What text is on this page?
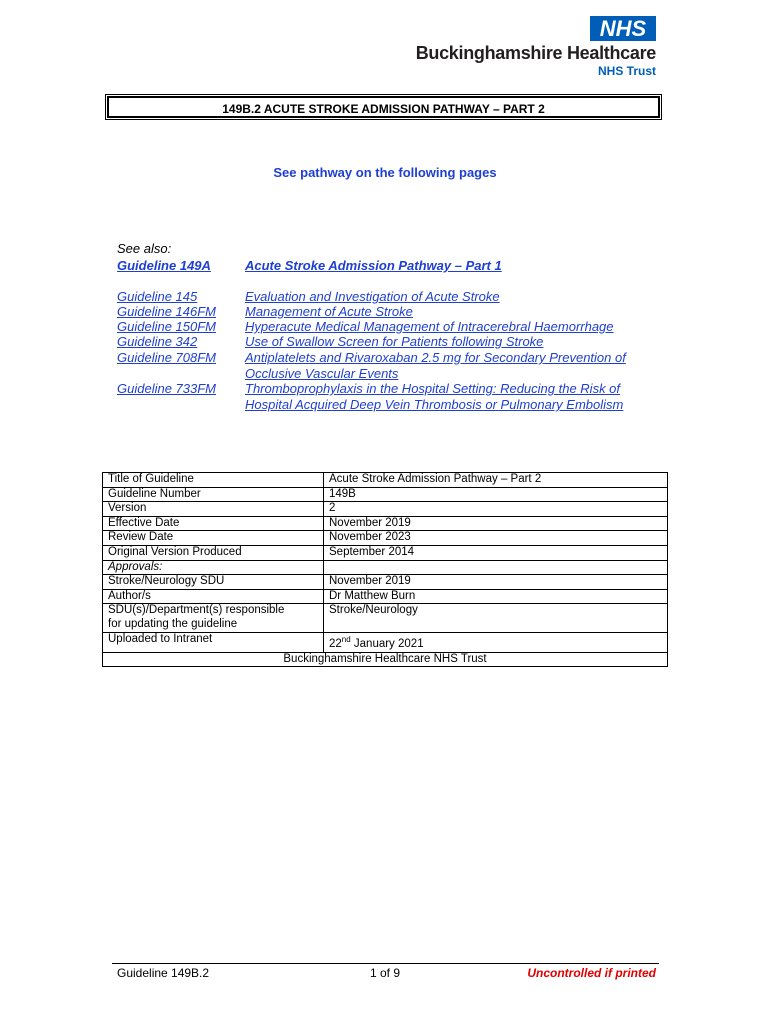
NHS
Buckinghamshire Healthcare
NHS Trust
149B.2 ACUTE STROKE ADMISSION PATHWAY – PART 2
See pathway on the following pages
See also:
Guideline 149A	Acute Stroke Admission Pathway – Part 1
Guideline 145	Evaluation and Investigation of Acute Stroke
Guideline 146FM Management of Acute Stroke
Guideline 150FM Hyperacute Medical Management of Intracerebral Haemorrhage
Guideline 342	Use of Swallow Screen for Patients following Stroke
Guideline 708FM Antiplatelets and Rivaroxaban 2.5 mg for Secondary Prevention of Occlusive Vascular Events
Guideline 733FM Thromboprophylaxis in the Hospital Setting: Reducing the Risk of Hospital Acquired Deep Vein Thrombosis or Pulmonary Embolism
Title of Guideline	Acute Stroke Admission Pathway – Part 2
Guideline Number	149B
Version	2
Effective Date	November 2019
Review Date	November 2023
Original Version Produced	September 2014
Approvals:	
Stroke/Neurology SDU	November 2019
Author/s	Dr Matthew Burn

SDU(s)/Department(s) responsible
for updating the guideline	Stroke/Neurology
Uploaded to Intranet	22nd January 2021
Buckinghamshire Healthcare NHS Trust	
Guideline 149B.2	1 of 9	Uncontrolled if printed
